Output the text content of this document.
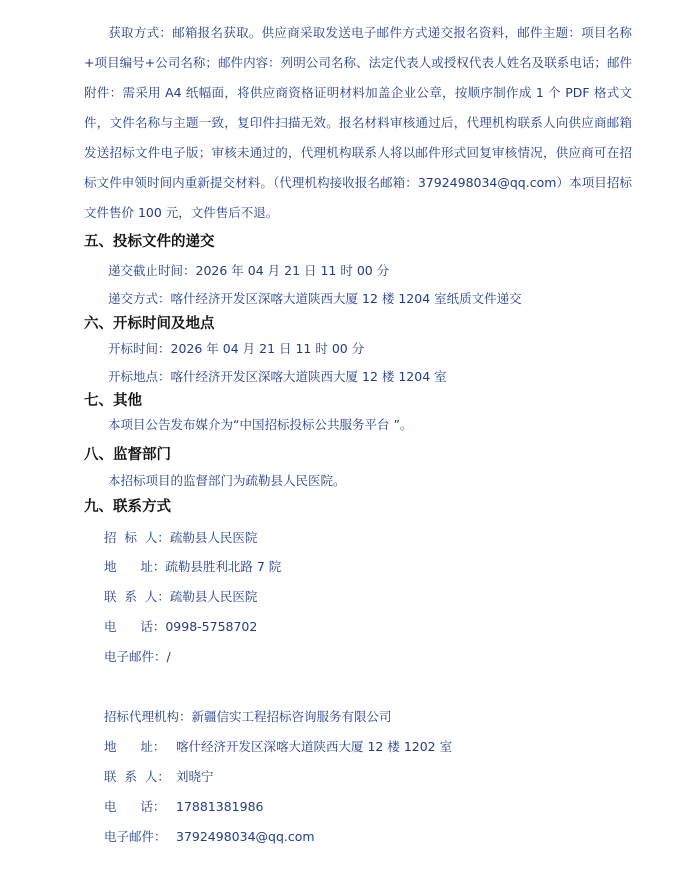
获取方式：邮箱报名获取。供应商采取发送电子邮件方式递交报名资料，邮件主题：项目名称+项目编号+公司名称；邮件内容：列明公司名称、法定代表人或授权代表人姓名及联系电话；邮件附件：需采用 A4 纸幅面，将供应商资格证明材料加盖企业公章，按顺序制作成 1 个 PDF 格式文件，文件名称与主题一致，复印件扫描无效。报名材料审核通过后，代理机构联系人向供应商邮箱发送招标文件电子版；审核未通过的，代理机构联系人将以邮件形式回复审核情况，供应商可在招标文件申领时间内重新提交材料。（代理机构接收报名邮箱：3792498034@qq.com）本项目招标文件售价 100 元，文件售后不退。
五、投标文件的递交
递交截止时间：2026 年 04 月 21 日 11 时 00 分
递交方式：喀什经济开发区深喀大道陕西大厦 12 楼 1204 室纸质文件递交
六、开标时间及地点
开标时间：2026 年 04 月 21 日 11 时 00 分
开标地点：喀什经济开发区深喀大道陕西大厦 12 楼 1204 室
七、其他
本项目公告发布媒介为“中国招标投标公共服务平台 ”。
八、监督部门
本招标项目的监督部门为疏勒县人民医院。
九、联系方式
招  标  人：疏勒县人民医院
地      址：疏勒县胜利北路 7 院
联  系  人：疏勒县人民医院
电      话：0998-5758702
电子邮件：/
招标代理机构：新疆信实工程招标咨询服务有限公司
地      址： 喀什经济开发区深喀大道陕西大厦 12 楼 1202 室
联  系  人： 刘晓宁
电      话： 17881381986
电子邮件： 3792498034@qq.com
